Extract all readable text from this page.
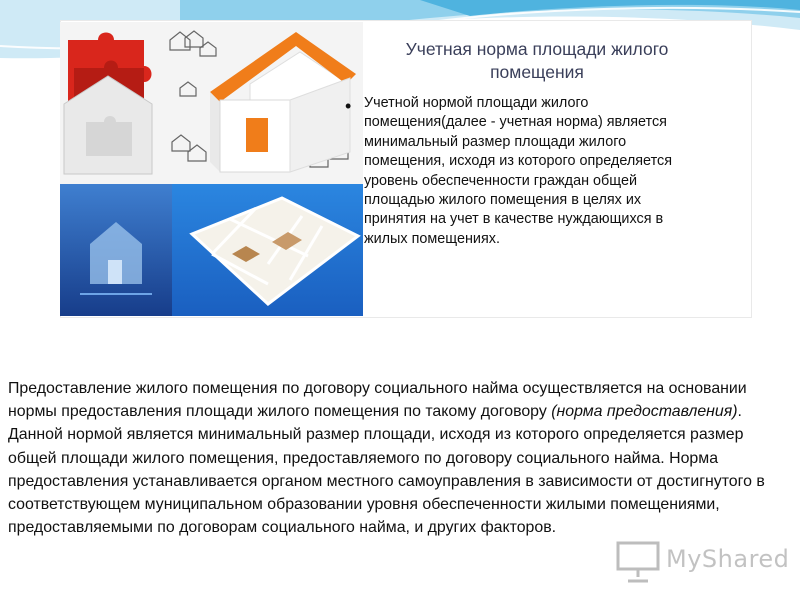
Учетная норма площади жилого помещения
• Учетной нормой площади жилого помещения(далее - учетная норма) является минимальный размер площади жилого помещения, исходя из которого определяется уровень обеспеченности граждан общей площадью жилого помещения в целях их принятия на учет в качестве нуждающихся в жилых помещениях.

Предоставление жилого помещения по договору социального найма осуществляется на основании нормы предоставления площади жилого помещения по такому договору (норма предоставления). Данной нормой является минимальный размер площади, исходя из которого определяется размер общей площади жилого помещения, предоставляемого по договору социального найма. Норма предоставления устанавливается органом местного самоуправления в зависимости от достигнутого в соответствующем муниципальном образовании уровня обеспеченности жилыми помещениями, предоставляемыми по договорам социального найма, и других факторов.

MyShared
